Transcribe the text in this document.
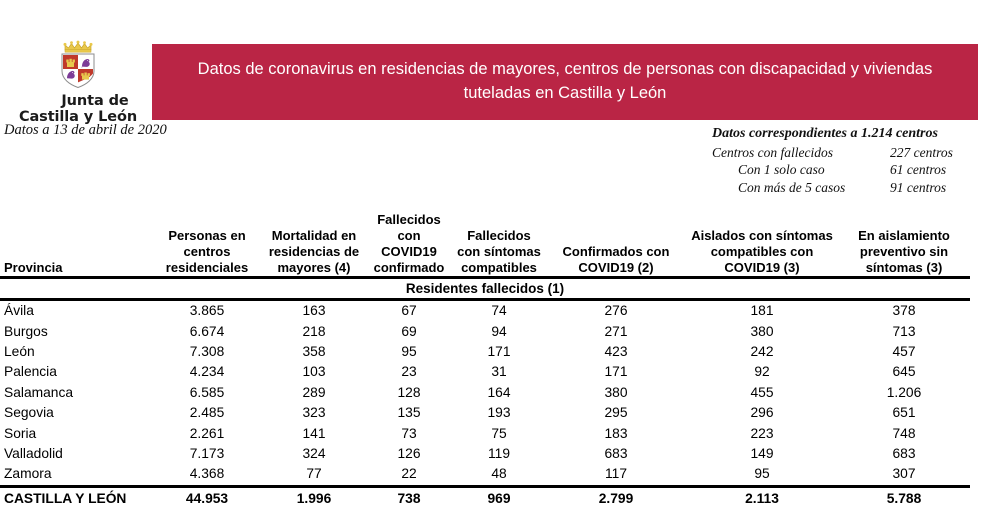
Junta de
Castilla y León
Datos a 13 de abril de 2020
Datos de coronavirus en residencias de mayores, centros de personas con discapacidad y viviendas tuteladas en Castilla y León
Datos correspondientes a 1.214 centros
Centros con fallecidos	227 centros
Con 1 solo caso	61 centros
Con más de 5 casos	91 centros
Provincia	Personas en centros residenciales	Mortalidad en residencias de mayores (4)	Fallecidos con COVID19 confirmado	Fallecidos con síntomas compatibles	Confirmados con COVID19 (2)	Aislados con síntomas compatibles con COVID19 (3)	En aislamiento preventivo sin síntomas (3)
Residentes fallecidos (1)							
Ávila	3.865	163	67	74	276	181	378
Burgos	6.674	218	69	94	271	380	713
León	7.308	358	95	171	423	242	457
Palencia	4.234	103	23	31	171	92	645
Salamanca	6.585	289	128	164	380	455	1.206
Segovia	2.485	323	135	193	295	296	651
Soria	2.261	141	73	75	183	223	748
Valladolid	7.173	324	126	119	683	149	683
Zamora	4.368	77	22	48	117	95	307
CASTILLA Y LEÓN	44.953	1.996	738	969	2.799	2.113	5.788
